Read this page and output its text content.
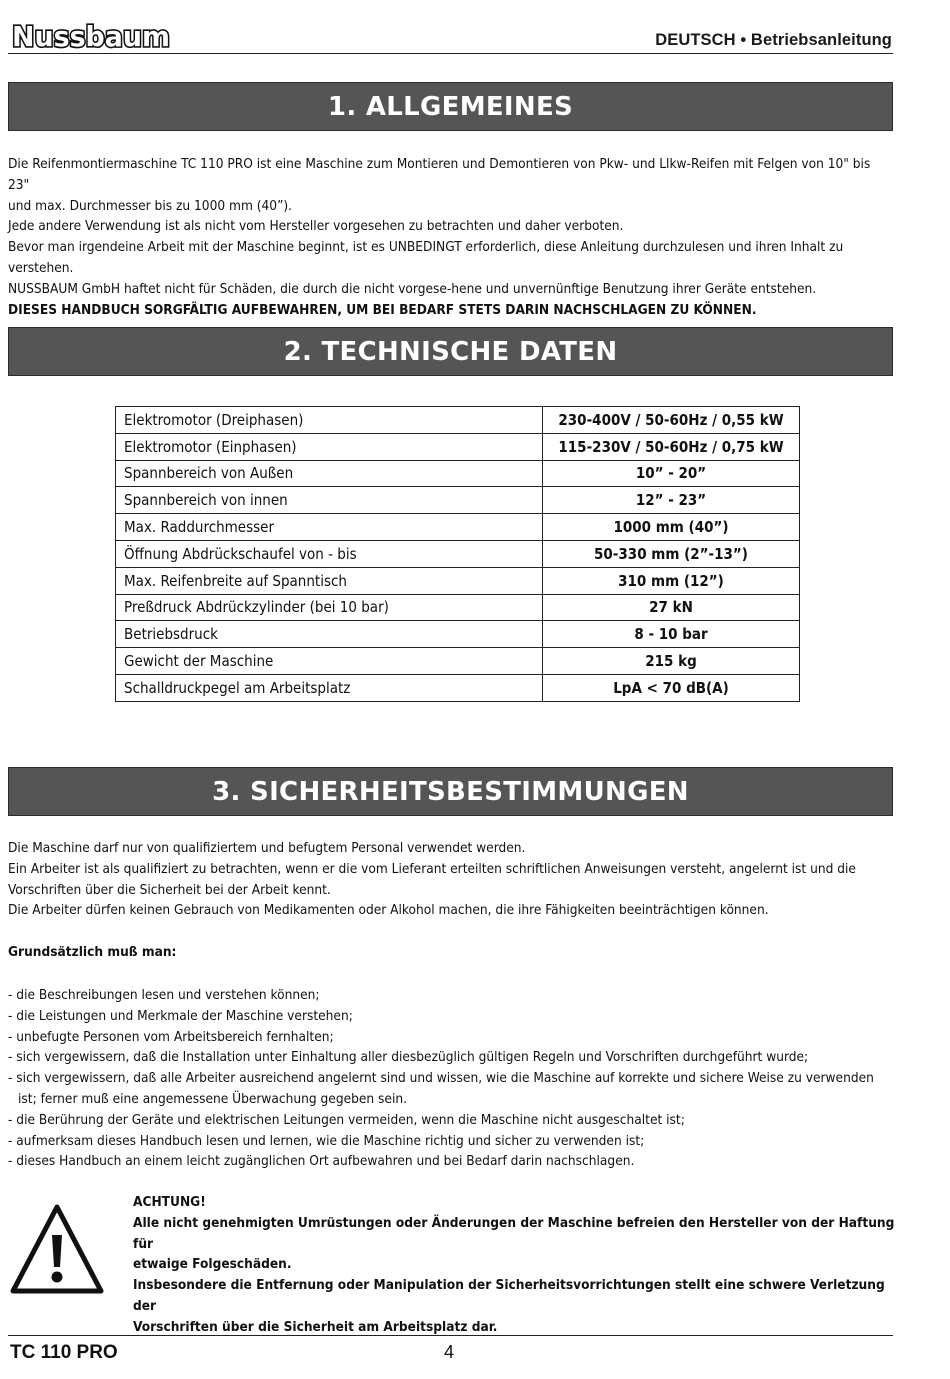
Nussbaum	DEUTSCH • Betriebsanleitung
1. ALLGEMEINES

Die Reifenmontiermaschine TC 110 PRO ist eine Maschine zum Montieren und Demontieren von Pkw- und Llkw-Reifen mit Felgen von 10" bis 23"

und max. Durchmesser bis zu 1000 mm (40”).

Jede andere Verwendung ist als nicht vom Hersteller vorgesehen zu betrachten und daher verboten.

Bevor man irgendeine Arbeit mit der Maschine beginnt, ist es UNBEDINGT erforderlich, diese Anleitung durchzulesen und ihren Inhalt zu verstehen.

NUSSBAUM GmbH haftet nicht für Schäden, die durch die nicht vorgese-hene und unvernünftige Benutzung ihrer Geräte entstehen.

DIESES HANDBUCH SORGFÄLTIG AUFBEWAHREN, UM BEI BEDARF STETS DARIN NACHSCHLAGEN ZU KÖNNEN.

2. TECHNISCHE DATEN
Elektromotor (Dreiphasen)	230-400V / 50-60Hz / 0,55 kW
Elektromotor (Einphasen)	115-230V / 50-60Hz / 0,75 kW
Spannbereich von Außen	10” - 20”
Spannbereich von innen	12” - 23”
Max. Raddurchmesser	1000 mm (40”)
Öffnung Abdrückschaufel von - bis	50-330 mm (2”-13”)
Max. Reifenbreite auf Spanntisch	310 mm (12”)
Preßdruck Abdrückzylinder (bei 10 bar)	27 kN
Betriebsdruck	8 - 10 bar
Gewicht der Maschine	215 kg
Schalldruckpegel am Arbeitsplatz	LpA < 70 dB(A)
3. SICHERHEITSBESTIMMUNGEN

Die Maschine darf nur von qualifiziertem und befugtem Personal verwendet werden.

Ein Arbeiter ist als qualifiziert zu betrachten, wenn er die vom Lieferant erteilten schriftlichen Anweisungen versteht, angelernt ist und die

Vorschriften über die Sicherheit bei der Arbeit kennt.

Die Arbeiter dürfen keinen Gebrauch von Medikamenten oder Alkohol machen, die ihre Fähigkeiten beeinträchtigen können.

Grundsätzlich muß man:
- die Beschreibungen lesen und verstehen können;
- die Leistungen und Merkmale der Maschine verstehen;
- unbefugte Personen vom Arbeitsbereich fernhalten;
- sich vergewissern, daß die Installation unter Einhaltung aller diesbezüglich gültigen Regeln und Vorschriften durchgeführt wurde;
- sich vergewissern, daß alle Arbeiter ausreichend angelernt sind und wissen, wie die Maschine auf korrekte und sichere Weise zu verwenden
ist; ferner muß eine angemessene Überwachung gegeben sein.
- die Berührung der Geräte und elektrischen Leitungen vermeiden, wenn die Maschine nicht ausgeschaltet ist;
- aufmerksam dieses Handbuch lesen und lernen, wie die Maschine richtig und sicher zu verwenden ist;
- dieses Handbuch an einem leicht zugänglichen Ort aufbewahren und bei Bedarf darin nachschlagen.

ACHTUNG!

Alle nicht genehmigten Umrüstungen oder Änderungen der Maschine befreien den Hersteller von der Haftung für

etwaige Folgeschäden.

Insbesondere die Entfernung oder Manipulation der Sicherheitsvorrichtungen stellt eine schwere Verletzung der

Vorschriften über die Sicherheit am Arbeitsplatz dar.

TC 110 PRO	4
